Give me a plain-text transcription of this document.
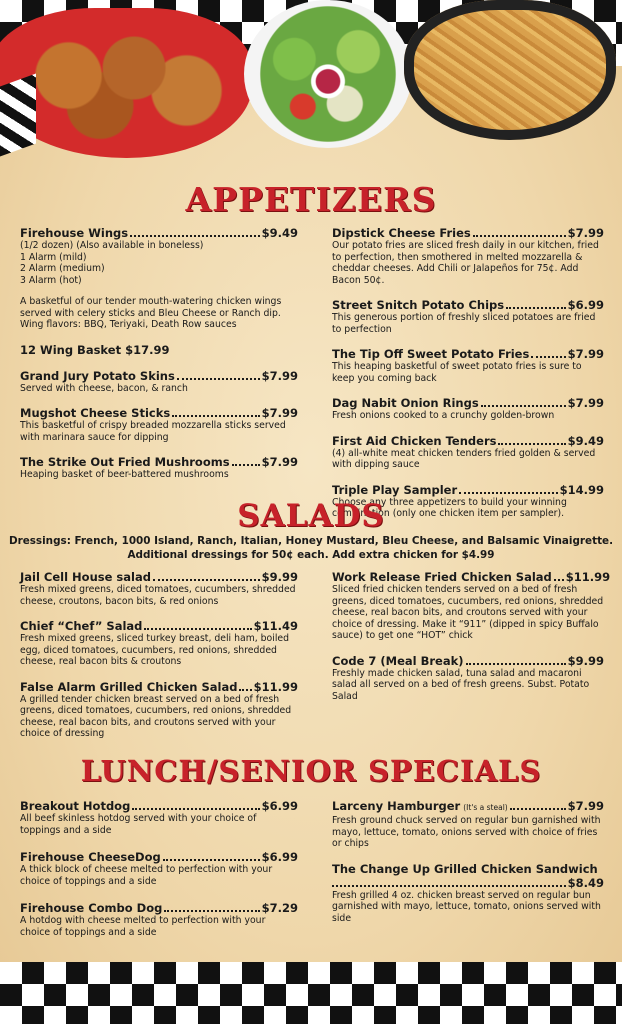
APPETIZERS
Firehouse Wings	$9.49
(1/2 dozen) (Also available in boneless)
1 Alarm (mild)
2 Alarm (medium)
3 Alarm (hot)
A basketful of our tender mouth-watering chicken wings served with celery sticks and Bleu Cheese or Ranch dip. Wing flavors: BBQ, Teriyaki, Death Row sauces
12 Wing Basket $17.99
Grand Jury Potato Skins	$7.99
Served with cheese, bacon, & ranch
Mugshot Cheese Sticks	$7.99
This basketful of crispy breaded mozzarella sticks served with marinara sauce for dipping
The Strike Out Fried Mushrooms	$7.99
Heaping basket of beer-battered mushrooms
Dipstick Cheese Fries	$7.99
Our potato fries are sliced fresh daily in our kitchen, fried to perfection, then smothered in melted mozzarella & cheddar cheeses. Add Chili or Jalapeños for 75¢. Add Bacon 50¢.
Street Snitch Potato Chips	$6.99
This generous portion of freshly sliced potatoes are fried to perfection
The Tip Off Sweet Potato Fries	$7.99
This heaping basketful of sweet potato fries is sure to keep you coming back
Dag Nabit Onion Rings	$7.99
Fresh onions cooked to a crunchy golden-brown
First Aid Chicken Tenders	$9.49
(4) all-white meat chicken tenders fried golden & served with dipping sauce
Triple Play Sampler	$14.99
Choose any three appetizers to build your winning combination (only one chicken item per sampler).
SALADS
Dressings: French, 1000 Island, Ranch, Italian, Honey Mustard, Bleu Cheese, and Balsamic Vinaigrette.
Additional dressings for 50¢ each. Add extra chicken for $4.99
Jail Cell House salad	$9.99
Fresh mixed greens, diced tomatoes, cucumbers, shredded cheese, croutons, bacon bits, & red onions
Chief “Chef” Salad	$11.49
Fresh mixed greens, sliced turkey breast, deli ham, boiled egg, diced tomatoes, cucumbers, red onions, shredded cheese, real bacon bits & croutons
False Alarm Grilled Chicken Salad $11.99
A grilled tender chicken breast served on a bed of fresh greens, diced tomatoes, cucumbers, red onions, shredded cheese, real bacon bits, and croutons served with your choice of dressing
Work Release Fried Chicken Salad $11.99
Sliced fried chicken tenders served on a bed of fresh greens, diced tomatoes, cucumbers, red onions, shredded cheese, real bacon bits, and croutons served with your choice of dressing. Make it “911” (dipped in spicy Buffalo sauce) to get one “HOT” chick
Code 7 (Meal Break)	$9.99
Freshly made chicken salad, tuna salad and macaroni salad all served on a bed of fresh greens. Subst. Potato Salad
LUNCH/SENIOR SPECIALS
Breakout Hotdog	$6.99
All beef skinless hotdog served with your choice of toppings and a side
Firehouse CheeseDog	$6.99
A thick block of cheese melted to perfection with your choice of toppings and a side
Firehouse Combo Dog	$7.29
A hotdog with cheese melted to perfection with your choice of toppings and a side
Larceny Hamburger (It's a steal)	$7.99
Fresh ground chuck served on regular bun garnished with mayo, lettuce, tomato, onions served with choice of fries or chips
The Change Up Grilled Chicken Sandwich
$8.49
Fresh grilled 4 oz. chicken breast served on regular bun garnished with mayo, lettuce, tomato, onions served with side
